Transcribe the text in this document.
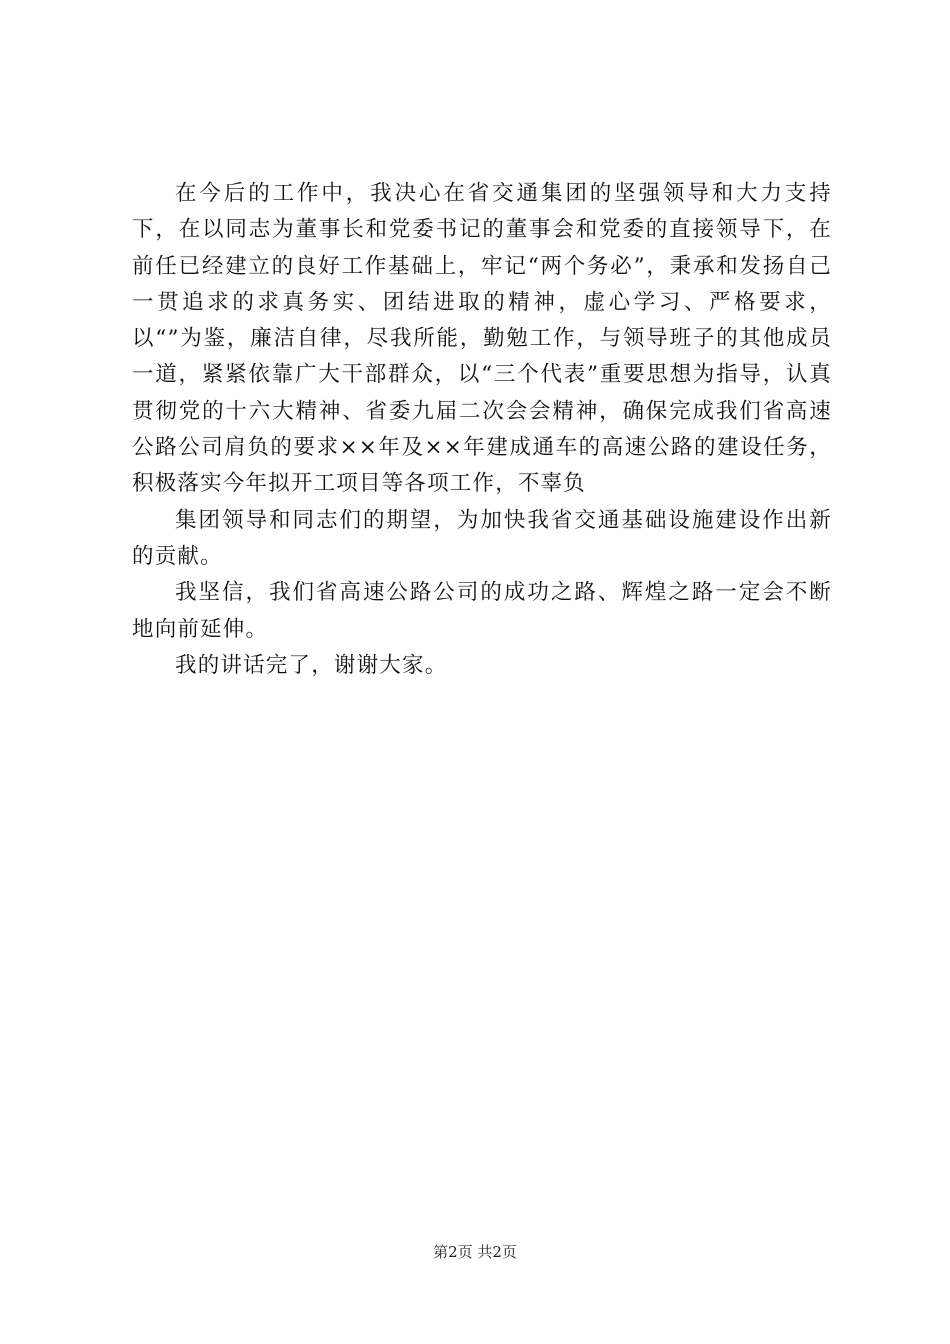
在今后的工作中，我决心在省交通集团的坚强领导和大力支持下，在以同志为董事长和党委书记的董事会和党委的直接领导下，在前任已经建立的良好工作基础上，牢记“两个务必”，秉承和发扬自己一贯追求的求真务实、团结进取的精神，虚心学习、严格要求，以“”为鉴，廉洁自律，尽我所能，勤勉工作，与领导班子的其他成员一道，紧紧依靠广大干部群众，以“三个代表”重要思想为指导，认真贯彻党的十六大精神、省委九届二次会会精神，确保完成我们省高速公路公司肩负的要求××年及××年建成通车的高速公路的建设任务，积极落实今年拟开工项目等各项工作，不辜负

集团领导和同志们的期望，为加快我省交通基础设施建设作出新的贡献。

我坚信，我们省高速公路公司的成功之路、辉煌之路一定会不断地向前延伸。

我的讲话完了，谢谢大家。

第2页 共2页
